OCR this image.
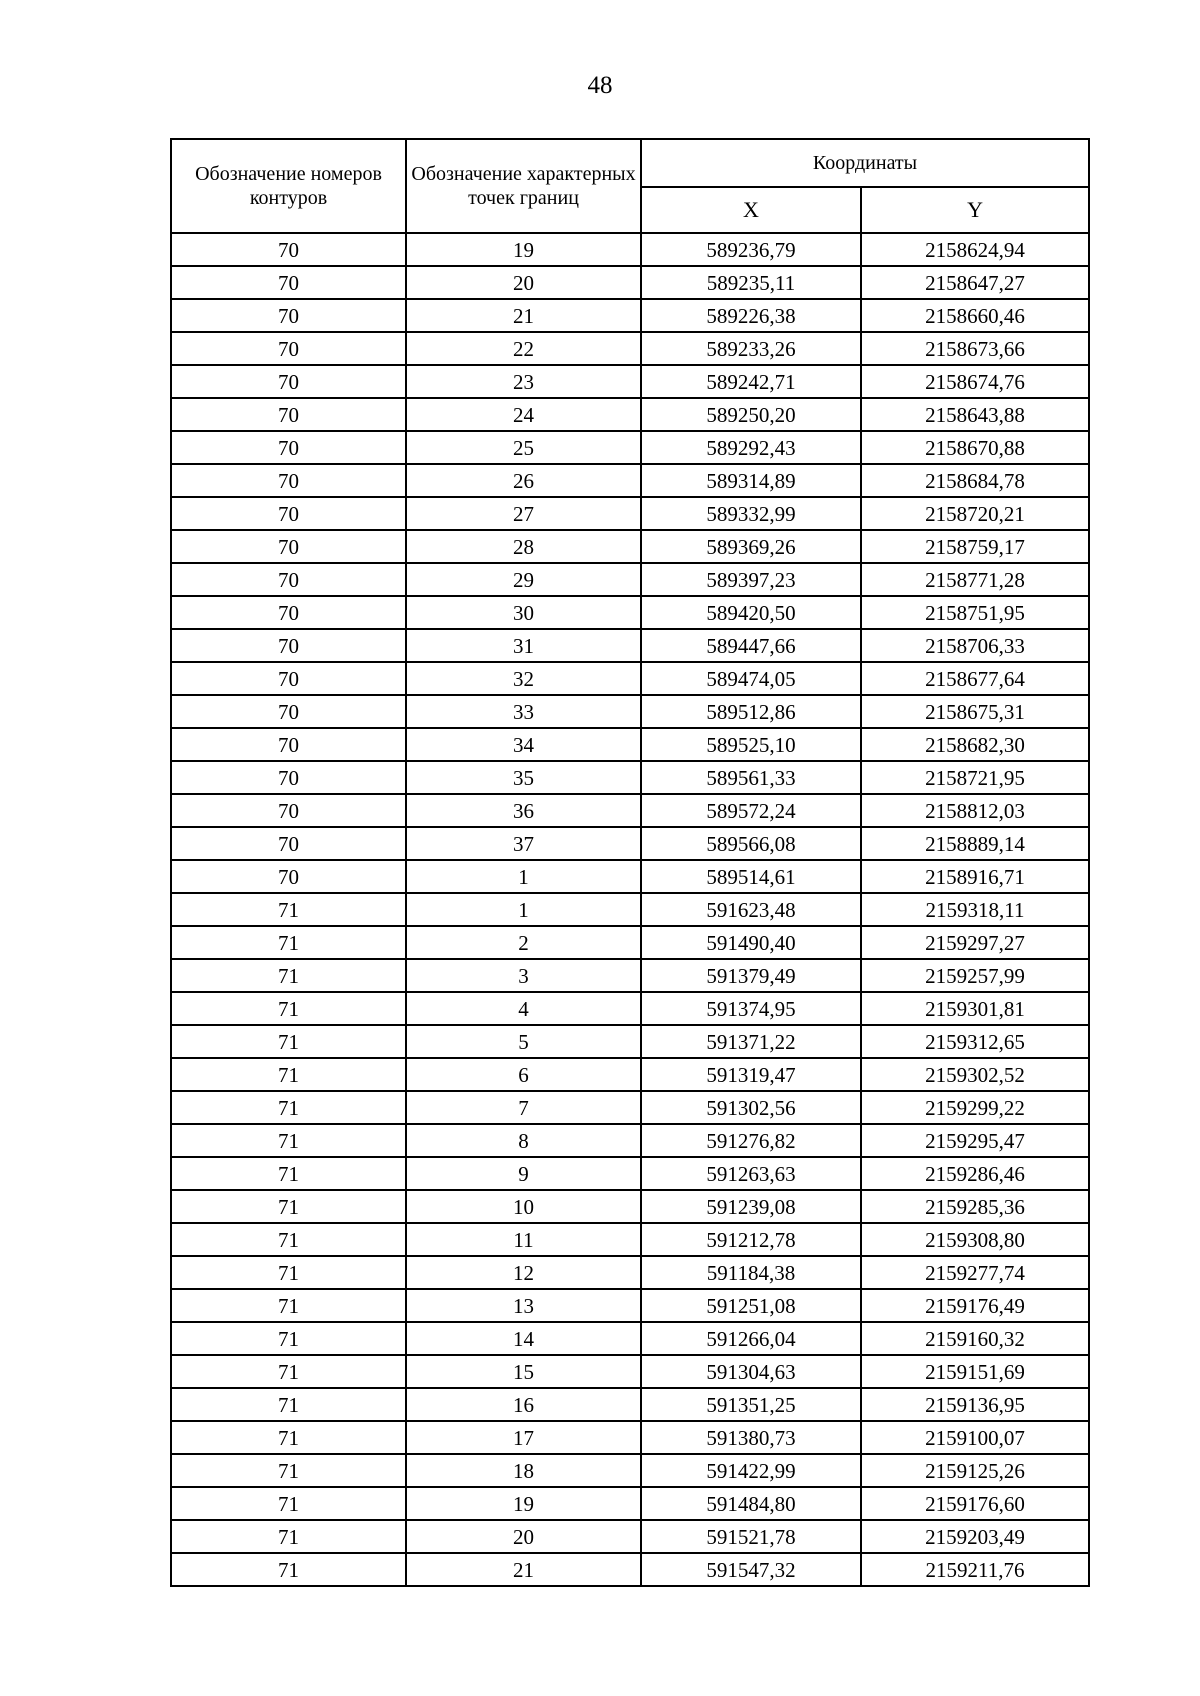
48
Обозначение номеров контуров	Обозначение характерных точек границ	Координаты	
		X	Y
70	19	589236,79	2158624,94
70	20	589235,11	2158647,27
70	21	589226,38	2158660,46
70	22	589233,26	2158673,66
70	23	589242,71	2158674,76
70	24	589250,20	2158643,88
70	25	589292,43	2158670,88
70	26	589314,89	2158684,78
70	27	589332,99	2158720,21
70	28	589369,26	2158759,17
70	29	589397,23	2158771,28
70	30	589420,50	2158751,95
70	31	589447,66	2158706,33
70	32	589474,05	2158677,64
70	33	589512,86	2158675,31
70	34	589525,10	2158682,30
70	35	589561,33	2158721,95
70	36	589572,24	2158812,03
70	37	589566,08	2158889,14
70	1	589514,61	2158916,71
71	1	591623,48	2159318,11
71	2	591490,40	2159297,27
71	3	591379,49	2159257,99
71	4	591374,95	2159301,81
71	5	591371,22	2159312,65
71	6	591319,47	2159302,52
71	7	591302,56	2159299,22
71	8	591276,82	2159295,47
71	9	591263,63	2159286,46
71	10	591239,08	2159285,36
71	11	591212,78	2159308,80
71	12	591184,38	2159277,74
71	13	591251,08	2159176,49
71	14	591266,04	2159160,32
71	15	591304,63	2159151,69
71	16	591351,25	2159136,95
71	17	591380,73	2159100,07
71	18	591422,99	2159125,26
71	19	591484,80	2159176,60
71	20	591521,78	2159203,49
71	21	591547,32	2159211,76
